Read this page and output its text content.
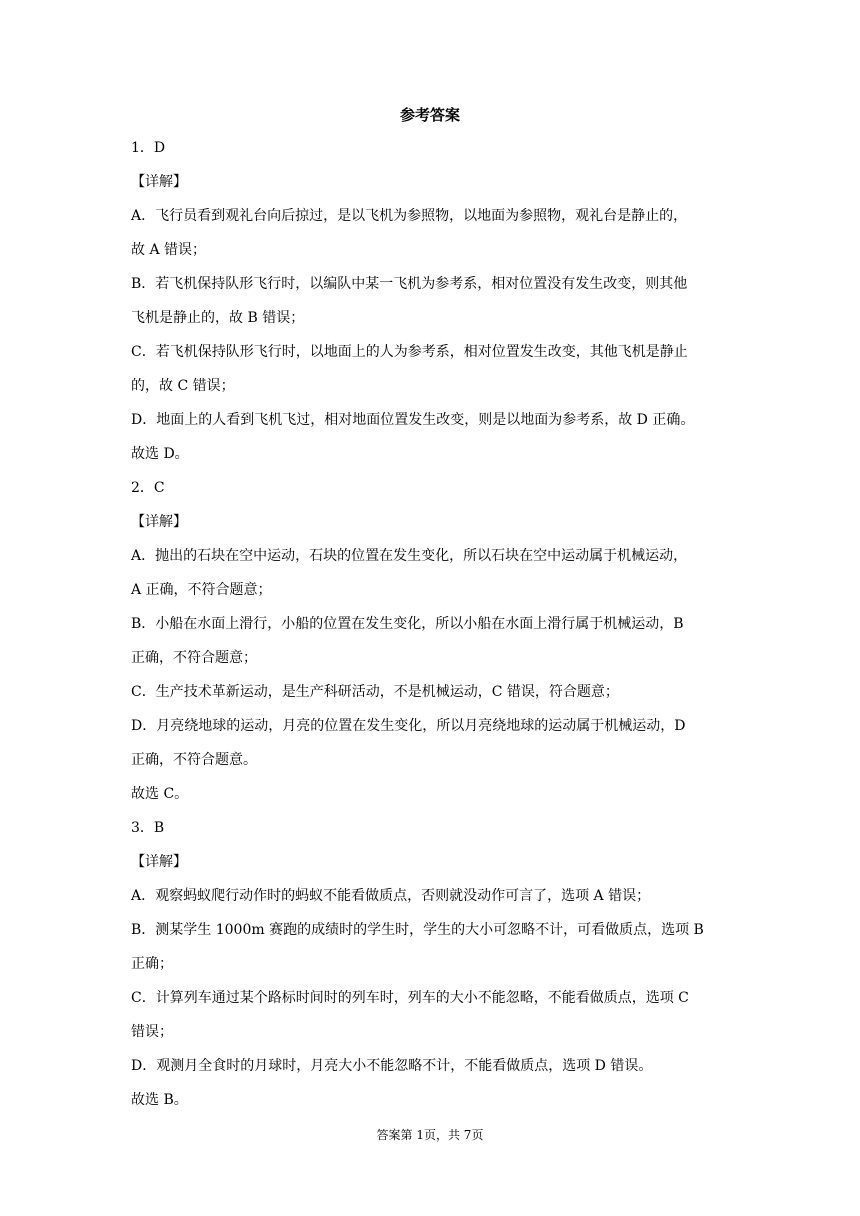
参考答案
1．D
【详解】
A．飞行员看到观礼台向后掠过，是以飞机为参照物，以地面为参照物，观礼台是静止的，
故 A 错误；
B．若飞机保持队形飞行时，以编队中某一飞机为参考系，相对位置没有发生改变，则其他
飞机是静止的，故 B 错误；
C．若飞机保持队形飞行时，以地面上的人为参考系，相对位置发生改变，其他飞机是静止
的，故 C 错误；
D．地面上的人看到飞机飞过，相对地面位置发生改变，则是以地面为参考系，故 D 正确。
故选 D。
2．C
【详解】
A．抛出的石块在空中运动，石块的位置在发生变化，所以石块在空中运动属于机械运动，
A 正确，不符合题意；
B．小船在水面上滑行，小船的位置在发生变化，所以小船在水面上滑行属于机械运动，B
正确，不符合题意；
C．生产技术革新运动，是生产科研活动，不是机械运动，C 错误，符合题意；
D．月亮绕地球的运动，月亮的位置在发生变化，所以月亮绕地球的运动属于机械运动，D
正确，不符合题意。
故选 C。
3．B
【详解】
A．观察蚂蚁爬行动作时的蚂蚁不能看做质点，否则就没动作可言了，选项 A 错误；
B．测某学生 1000m 赛跑的成绩时的学生时，学生的大小可忽略不计，可看做质点，选项 B
正确；
C．计算列车通过某个路标时间时的列车时，列车的大小不能忽略，不能看做质点，选项 C
错误；
D．观测月全食时的月球时，月亮大小不能忽略不计，不能看做质点，选项 D 错误。
故选 B。
答案第 1页，共 7页
